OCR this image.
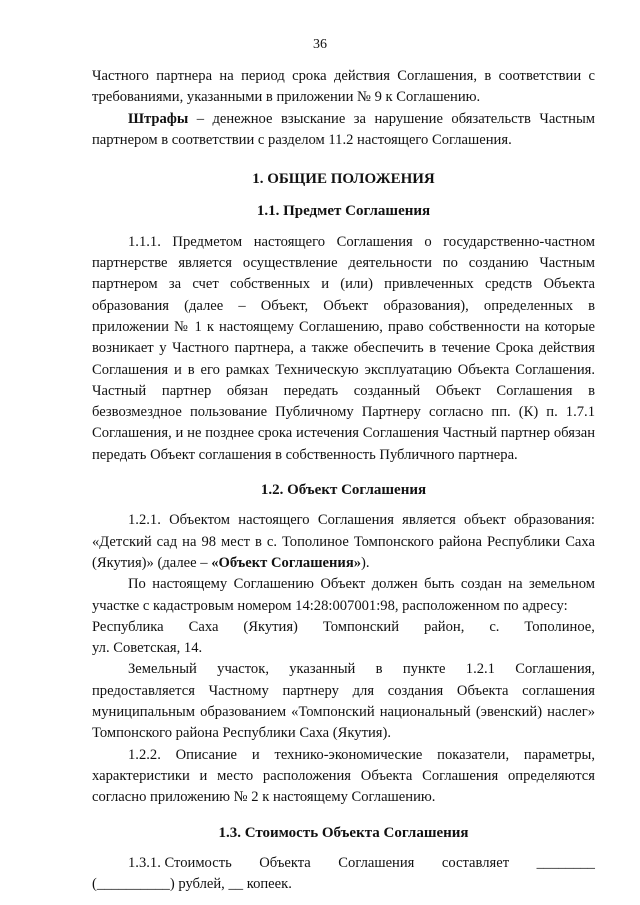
36

Частного партнера на период срока действия Соглашения, в соответствии с требованиями, указанными в приложении № 9 к Соглашению.

Штрафы – денежное взыскание за нарушение обязательств Частным партнером в соответствии с разделом 11.2 настоящего Соглашения.

1. ОБЩИЕ ПОЛОЖЕНИЯ
1.1. Предмет Соглашения

1.1.1. Предметом настоящего Соглашения о государственно-частном партнерстве является осуществление деятельности по созданию Частным партнером за счет собственных и (или) привлеченных средств Объекта образования (далее – Объект, Объект образования), определенных в приложении № 1 к настоящему Соглашению, право собственности на которые возникает у Частного партнера, а также обеспечить в течение Срока действия Соглашения и в его рамках Техническую эксплуатацию Объекта Соглашения. Частный партнер обязан передать созданный Объект Соглашения в безвозмездное пользование Публичному Партнеру согласно пп. (К) п. 1.7.1 Соглашения, и не позднее срока истечения Соглашения Частный партнер обязан передать Объект соглашения в собственность Публичного партнера.

1.2. Объект Соглашения

1.2.1. Объектом настоящего Соглашения является объект образования: «Детский сад на 98 мест в с. Тополиное Томпонского района Республики Саха (Якутия)» (далее – «Объект Соглашения»).

По настоящему Соглашению Объект должен быть создан на земельном участке с кадастровым номером 14:28:007001:98, расположенном по адресу:

Республика Саха (Якутия) Томпонский район, с. Тополиное,

ул. Советская, 14.

Земельный участок, указанный в пункте 1.2.1 Соглашения, предоставляется Частному партнеру для создания Объекта соглашения муниципальным образованием «Томпонский национальный (эвенский) наслег» Томпонского района Республики Саха (Якутия).

1.2.2. Описание и технико-экономические показатели, параметры, характеристики и место расположения Объекта Соглашения определяются согласно приложению № 2 к настоящему Соглашению.

1.3. Стоимость Объекта Соглашения
1.3.1. Стоимость Объекта Соглашения составляет ________

(__________) рублей, __ копеек.
